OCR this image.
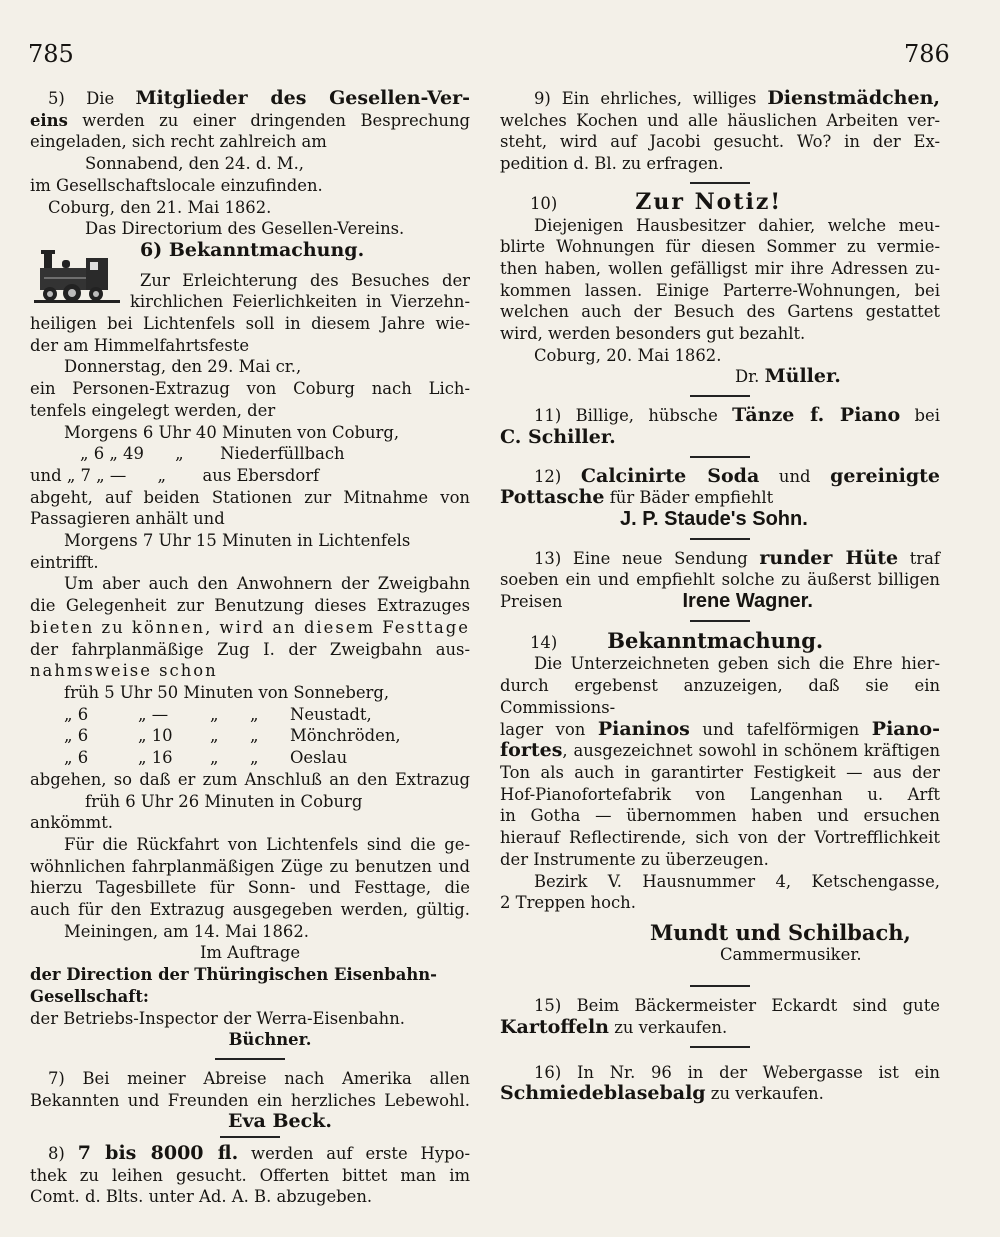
785	786

5) Die Mitglieder des Gesellen-Ver-

eins werden zu einer dringenden Besprechung

eingeladen, sich recht zahlreich am

Sonnabend, den 24. d. M.,

im Gesellschaftslocale einzufinden.

Coburg, den 21. Mai 1862.

Das Directorium des Gesellen-Vereins.

6) Bekanntmachung.

Zur Erleichterung des Besuches der

kirchlichen Feierlichkeiten in Vierzehn-

heiligen bei Lichtenfels soll in diesem Jahre wie-

der am Himmelfahrtsfeste

Donnerstag, den 29. Mai cr.,

ein Personen-Extrazug von Coburg nach Lich-

tenfels eingelegt werden, der

Morgens 6 Uhr 40 Minuten von Coburg,

„ 6 „ 49 „ Niederfüllbach

und „ 7 „ — „ aus Ebersdorf

abgeht, auf beiden Stationen zur Mitnahme von

Passagieren anhält und

Morgens 7 Uhr 15 Minuten in Lichtenfels

eintrifft.

Um aber auch den Anwohnern der Zweigbahn

die Gelegenheit zur Benutzung dieses Extrazuges

bieten zu können, wird an diesem Festtage

der fahrplanmäßige Zug I. der Zweigbahn aus-

nahmsweise schon

früh 5 Uhr 50 Minuten von Sonneberg,

„ 6	„ —	„	„	Neustadt,

„ 6	„ 10	„	„	Mönchröden,

„ 6	„ 16	„	„	Oeslau

abgehen, so daß er zum Anschluß an den Extrazug

früh 6 Uhr 26 Minuten in Coburg

ankömmt.

Für die Rückfahrt von Lichtenfels sind die ge-

wöhnlichen fahrplanmäßigen Züge zu benutzen und

hierzu Tagesbillete für Sonn- und Festtage, die

auch für den Extrazug ausgegeben werden, gültig.

Meiningen, am 14. Mai 1862.

Im Auftrage

der Direction der Thüringischen Eisenbahn-Gesellschaft:

der Betriebs-Inspector der Werra-Eisenbahn.

Büchner.

7) Bei meiner Abreise nach Amerika allen

Bekannten und Freunden ein herzliches Lebewohl.

Eva Beck.

8) 7 bis 8000 fl. werden auf erste Hypo-

thek zu leihen gesucht. Offerten bittet man im

Comt. d. Blts. unter Ad. A. B. abzugeben.

9) Ein ehrliches, williges Dienstmädchen,

welches Kochen und alle häuslichen Arbeiten ver-

steht, wird auf Jacobi gesucht. Wo? in der Ex-

pedition d. Bl. zu erfragen.

10)	Zur Notiz!

Diejenigen Hausbesitzer dahier, welche meu-

blirte Wohnungen für diesen Sommer zu vermie-

then haben, wollen gefälligst mir ihre Adressen zu-

kommen lassen. Einige Parterre-Wohnungen, bei

welchen auch der Besuch des Gartens gestattet

wird, werden besonders gut bezahlt.

Coburg, 20. Mai 1862.

Dr. Müller.

11) Billige, hübsche Tänze f. Piano bei

C. Schiller.

12) Calcinirte Soda und gereinigte

Pottasche für Bäder empfiehlt

J. P. Staude's Sohn.

13) Eine neue Sendung runder Hüte traf

soeben ein und empfiehlt solche zu äußerst billigen

Preisen	Irene Wagner.

14) Bekanntmachung.

Die Unterzeichneten geben sich die Ehre hier-

durch ergebenst anzuzeigen, daß sie ein Commissions-

lager von Pianinos und tafelförmigen Piano-

fortes, ausgezeichnet sowohl in schönem kräftigen

Ton als auch in garantirter Festigkeit — aus der

Hof-Pianofortefabrik von Langenhan u. Arft

in Gotha — übernommen haben und ersuchen

hierauf Reflectirende, sich von der Vortrefflichkeit

der Instrumente zu überzeugen.

Bezirk V. Hausnummer 4, Ketschengasse,

2 Treppen hoch.

Mundt und Schilbach,

Cammermusiker.

15) Beim Bäckermeister Eckardt sind gute

Kartoffeln zu verkaufen.

16) In Nr. 96 in der Webergasse ist ein

Schmiedeblasebalg zu verkaufen.
